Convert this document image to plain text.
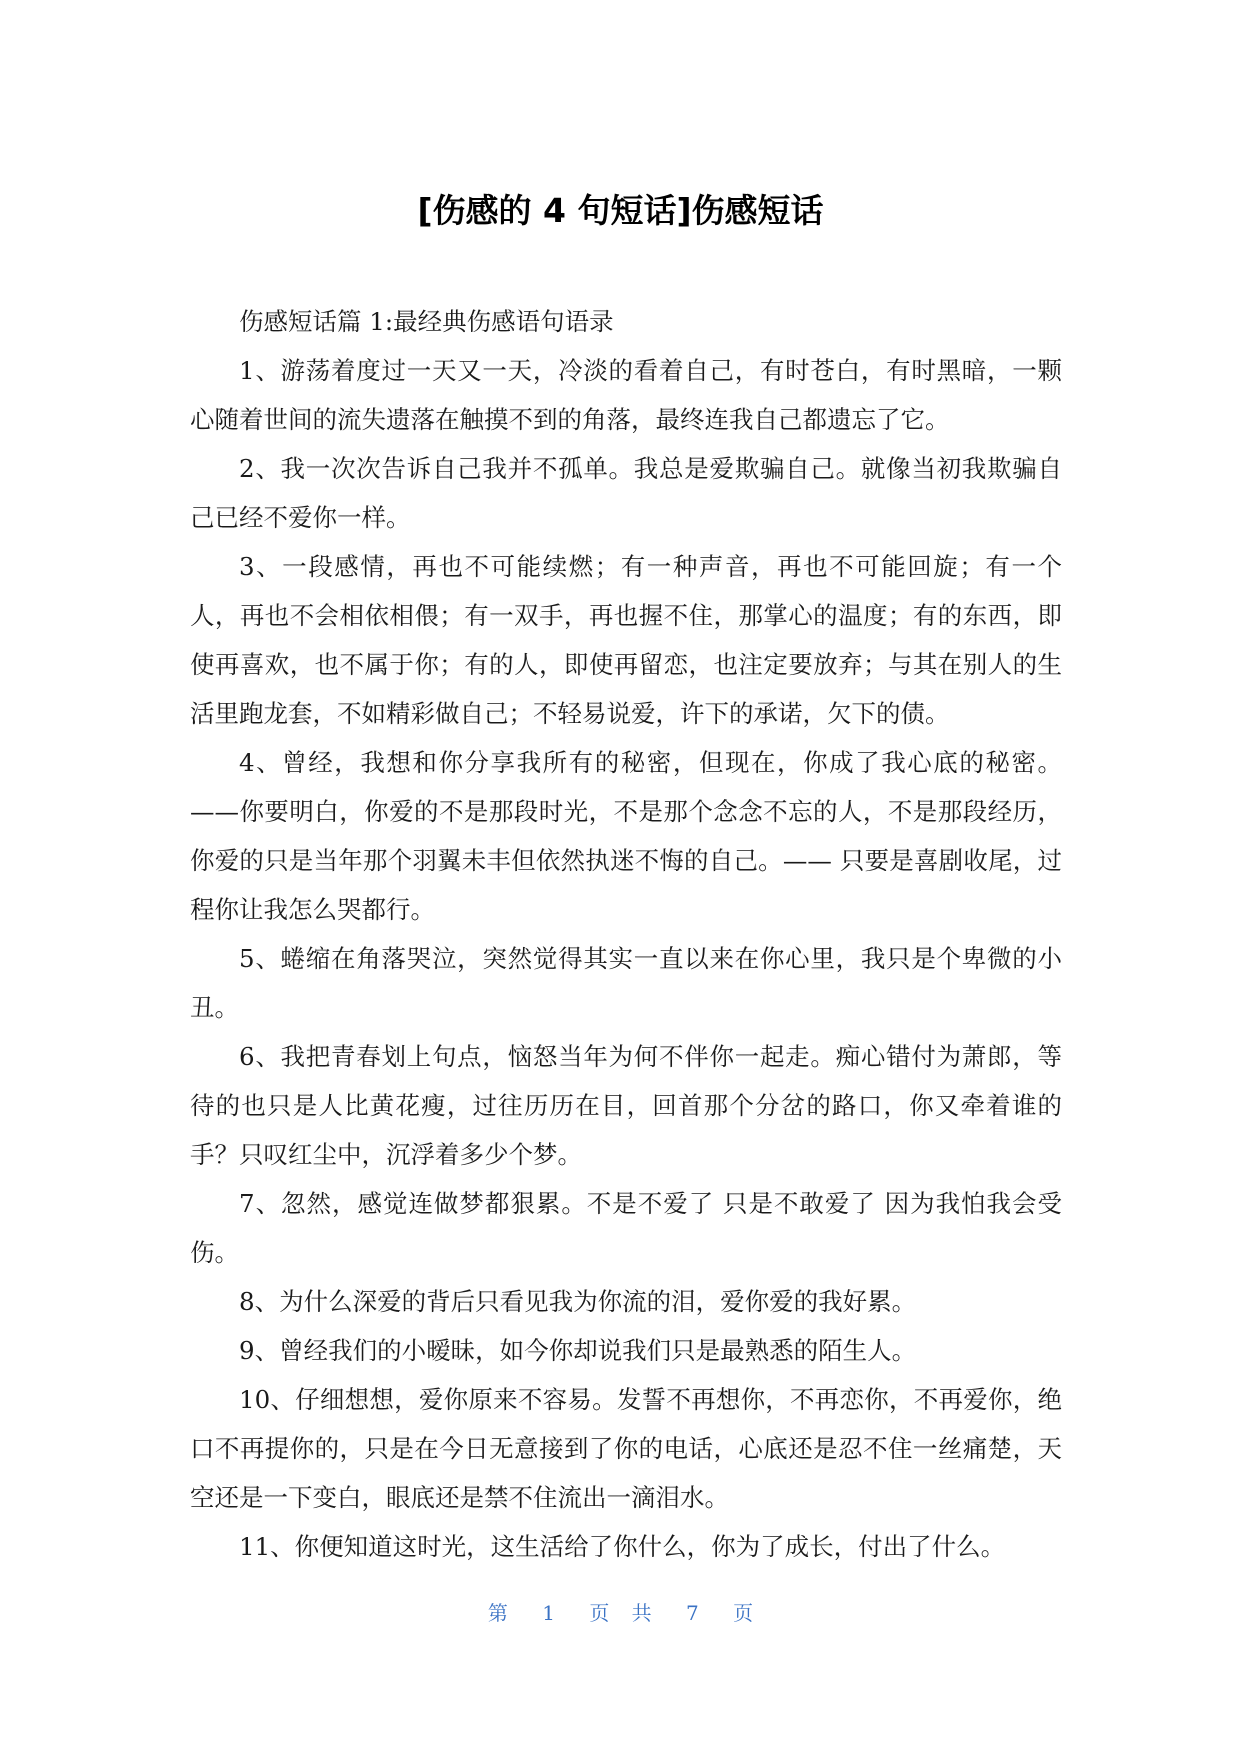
[伤感的 4 句短话]伤感短话

伤感短话篇 1:最经典伤感语句语录

1、游荡着度过一天又一天，冷淡的看着自己，有时苍白，有时黑暗，一颗心随着世间的流失遗落在触摸不到的角落，最终连我自己都遗忘了它。

2、我一次次告诉自己我并不孤单。我总是爱欺骗自己。就像当初我欺骗自己已经不爱你一样。

3、一段感情，再也不可能续燃；有一种声音，再也不可能回旋；有一个人，再也不会相依相偎；有一双手，再也握不住，那掌心的温度；有的东西，即使再喜欢，也不属于你；有的人，即使再留恋，也注定要放弃；与其在别人的生活里跑龙套，不如精彩做自己；不轻易说爱，许下的承诺，欠下的债。

4、曾经，我想和你分享我所有的秘密，但现在，你成了我心底的秘密。——你要明白，你爱的不是那段时光，不是那个念念不忘的人，不是那段经历，你爱的只是当年那个羽翼未丰但依然执迷不悔的自己。—— 只要是喜剧收尾，过程你让我怎么哭都行。

5、蜷缩在角落哭泣，突然觉得其实一直以来在你心里，我只是个卑微的小丑。

6、我把青春划上句点，恼怒当年为何不伴你一起走。痴心错付为萧郎，等待的也只是人比黄花瘦，过往历历在目，回首那个分岔的路口，你又牵着谁的手？只叹红尘中，沉浮着多少个梦。

7、忽然，感觉连做梦都狠累。不是不爱了 只是不敢爱了 因为我怕我会受伤。

8、为什么深爱的背后只看见我为你流的泪，爱你爱的我好累。

9、曾经我们的小暧昧，如今你却说我们只是最熟悉的陌生人。

10、仔细想想，爱你原来不容易。发誓不再想你，不再恋你，不再爱你，绝口不再提你的，只是在今日无意接到了你的电话，心底还是忍不住一丝痛楚，天空还是一下变白，眼底还是禁不住流出一滴泪水。

11、你便知道这时光，这生活给了你什么，你为了成长，付出了什么。

第 1 页 共 7 页
